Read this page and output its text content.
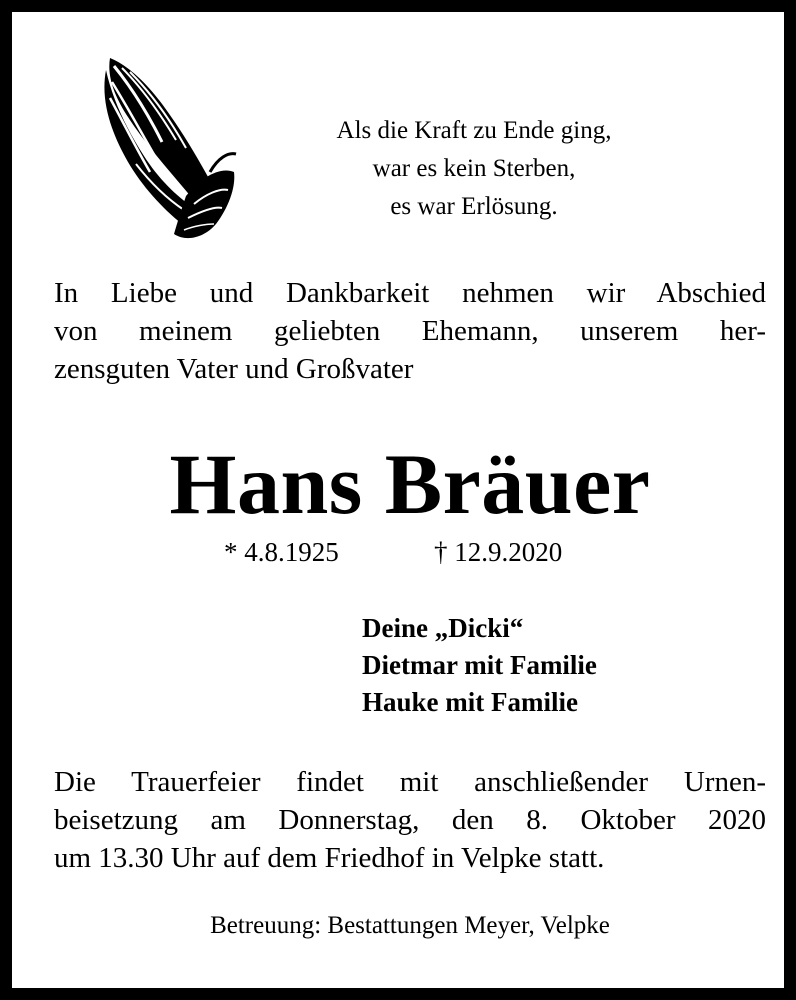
Als die Kraft zu Ende ging,
war es kein Sterben,
es war Erlösung.
In Liebe und Dankbarkeit nehmen wir Abschied
von meinem geliebten Ehemann, unserem her-
zensguten Vater und Großvater
Hans Bräuer
* 4.8.1925	† 12.9.2020
Deine „Dicki“
Dietmar mit Familie
Hauke mit Familie
Die Trauerfeier findet mit anschließender Urnen-
beisetzung am Donnerstag, den 8. Oktober 2020
um 13.30 Uhr auf dem Friedhof in Velpke statt.
Betreuung: Bestattungen Meyer, Velpke
